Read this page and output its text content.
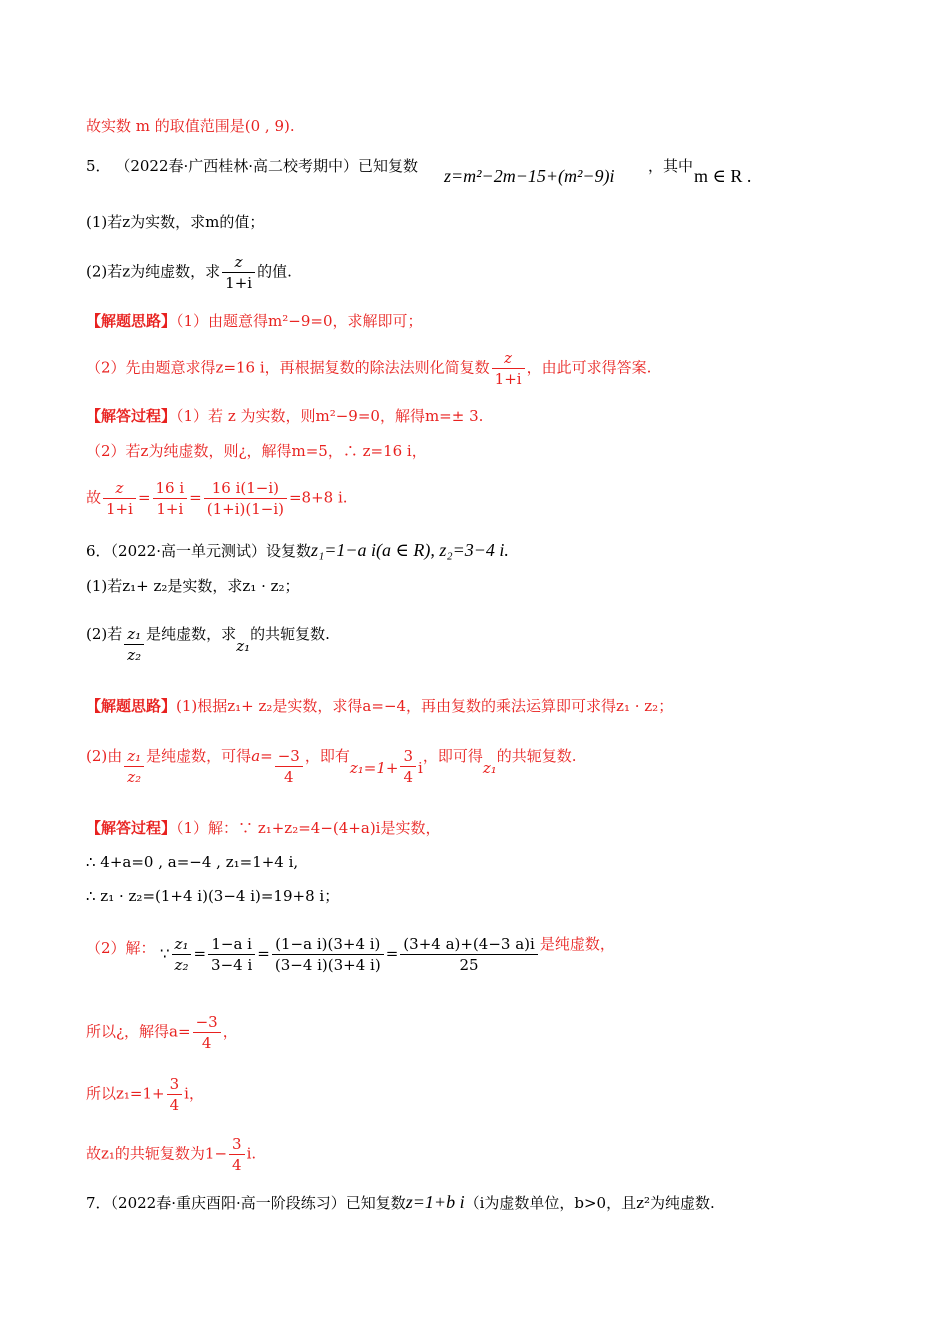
故实数 m 的取值范围是(0 , 9).
5． （2022春·广西桂林·高二校考期中）已知复数 z=m²−2m−15+(m²−9)i ，其中 m ∈ R .
(1)若z为实数，求m的值；
(2)若z为纯虚数，求 $\frac{z}{1+i}$ 的值.
【解题思路】（1）由题意得m²−9=0，求解即可；
（2）先由题意求得z=16 i，再根据复数的除法法则化简复数 $\frac{z}{1+i}$ ，由此可求得答案.
【解答过程】（1）若 z 为实数，则m²−9=0，解得m=± 3.
（2）若z为纯虚数，则¿，解得m=5，∴ z=16 i，
故 $\frac{z}{1+i} = \frac{16 i}{1+i} = \frac{16 i(1-i)}{(1+i)(1-i)} =8+8$ i.
6．（2022·高一单元测试）设复数z₁=1−a i(a ∈ R), z₂=3−4 i.
(1)若z₁+ z₂是实数，求z₁ · z₂；
(2)若 $\frac{\text{z₁}}{\text{z₂}}$ 是纯虚数，求z₁的共轭复数.
【解题思路】(1)根据z₁+ z₂是实数，求得a=−4，再由复数的乘法运算即可求得z₁ · z₂；
(2)由 $\frac{\text{z₁}}{\text{z₂}}$ 是纯虚数，可得$a= \frac{-3}{4}$ ，即有$z_1=1+ \frac{3}{4}$ i，即可得z₁的共轭复数.
【解答过程】（1）解：∵ z₁+z₂=4−(4+a)i是实数，
∴ 4+a=0 , a=−4 , z₁=1+4 i,
∴ z₁ · z₂=(1+4 i)(3−4 i)=19+8 i；
（2）解： ∵ $\frac{\text{z₁}}{\text{z₂}} = \frac{\text{1−a i}}{3-4 i} = \frac{\text{(1−a i)(3+4 i)}}{(3-4 i)(3+4 i)} = \frac{(3+4 a)+(4-3 a)i}{25}$ 是纯虚数，
所以¿，解得$a= \frac{-3}{4}$ ，
所以$z_1=1+ \frac{3}{4}$ i，
故z₁的共轭复数为$1- \frac{3}{4} i$.
7．（2022春·重庆酉阳·高一阶段练习）已知复数z=1+b i（i为虚数单位，b>0，且z²为纯虚数.
